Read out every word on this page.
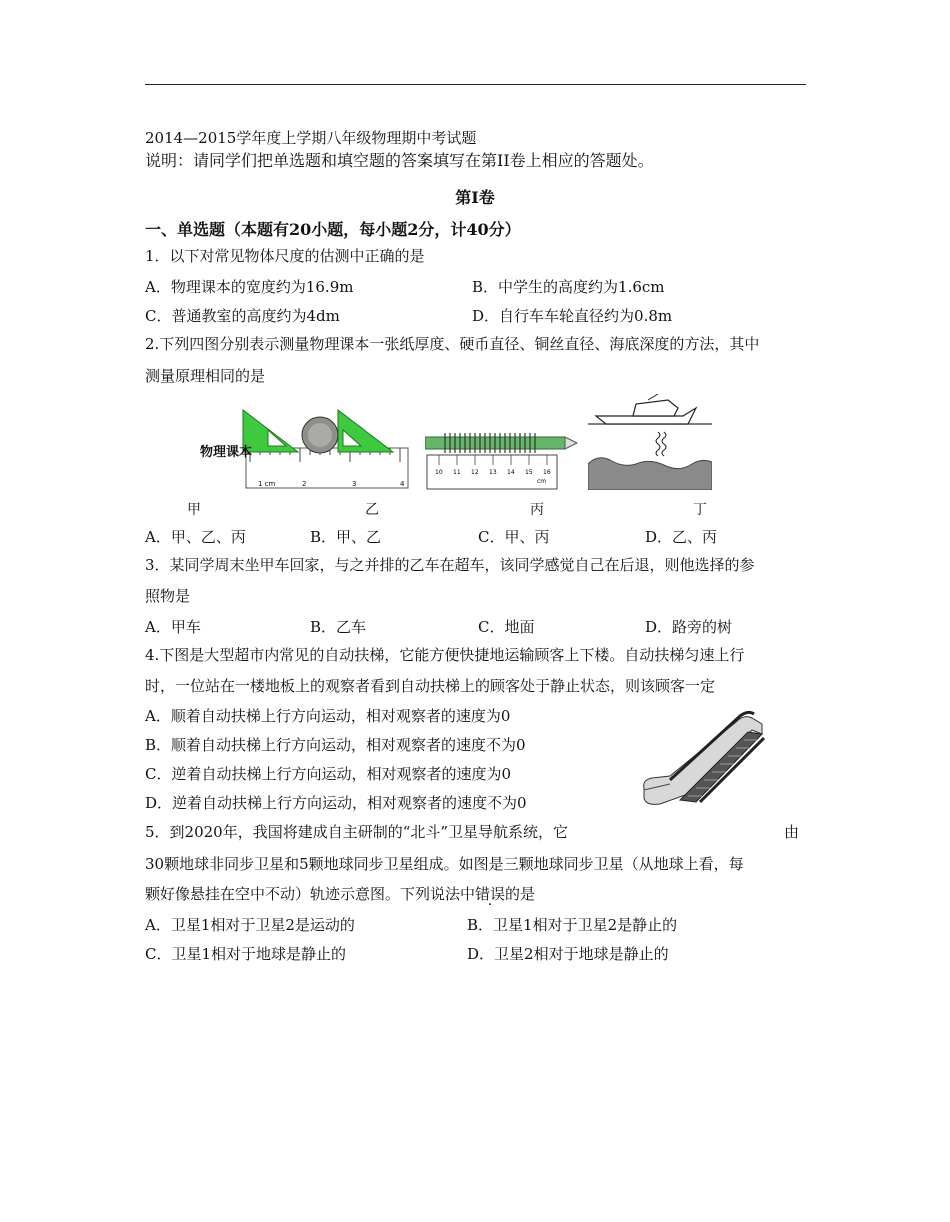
2014—2015学年度上学期八年级物理期中考试题
说明：请同学们把单选题和填空题的答案填写在第II卷上相应的答题处。
第I卷
一、单选题（本题有20小题，每小题2分，计40分）
1．以下对常见物体尺度的估测中正确的是
A．物理课本的宽度约为16.9m	B．中学生的高度约为1.6cm
C．普通教室的高度约为4dm	D．自行车车轮直径约为0.8m
2.下列四图分别表示测量物理课本一张纸厚度、硬币直径、铜丝直径、海底深度的方法，其中
测量原理相同的是
物理课本
1 cm	2	3	4
10 11 12 13 14 15 16
cm
甲	乙	丙	丁
A．甲、乙、丙	B．甲、乙	C．甲、丙	D．乙、丙
3．某同学周末坐甲车回家，与之并排的乙车在超车，该同学感觉自己在后退，则他选择的参
照物是
A．甲车	B．乙车	C．地面	D．路旁的树
4.下图是大型超市内常见的自动扶梯，它能方便快捷地运输顾客上下楼。自动扶梯匀速上行
时，一位站在一楼地板上的观察者看到自动扶梯上的顾客处于静止状态，则该顾客一定
A．顺着自动扶梯上行方向运动，相对观察者的速度为0
B．顺着自动扶梯上行方向运动，相对观察者的速度不为0
C．逆着自动扶梯上行方向运动，相对观察者的速度为0
D．逆着自动扶梯上行方向运动，相对观察者的速度不为0
5．到2020年，我国将建成自主研制的“北斗”卫星导航系统，它	由
30颗地球非同步卫星和5颗地球同步卫星组成。如图是三颗地球同步卫星（从地球上看，每
颗好像悬挂在空中不动）轨迹示意图。下列说法中错误的是
A．卫星1相对于卫星2是运动的	B．卫星1相对于卫星2是静止的
C．卫星1相对于地球是静止的	D．卫星2相对于地球是静止的
